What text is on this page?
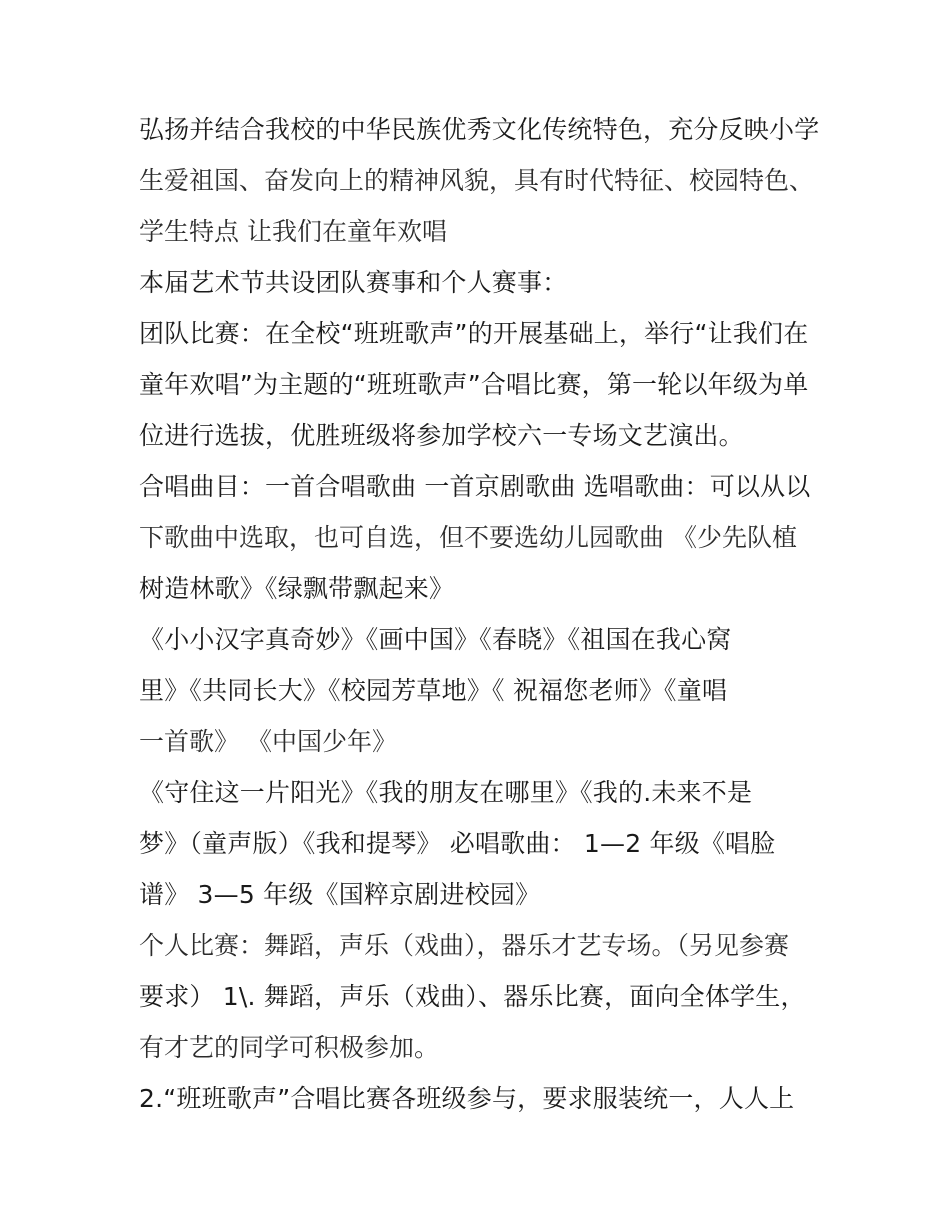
弘扬并结合我校的中华民族优秀文化传统特色，充分反映小学
生爱祖国、奋发向上的精神风貌，具有时代特征、校园特色、
学生特点 让我们在童年欢唱
本届艺术节共设团队赛事和个人赛事：
团队比赛：在全校“班班歌声”的开展基础上，举行“让我们在
童年欢唱”为主题的“班班歌声”合唱比赛，第一轮以年级为单
位进行选拔，优胜班级将参加学校六一专场文艺演出。
合唱曲目：一首合唱歌曲 一首京剧歌曲 选唱歌曲：可以从以
下歌曲中选取，也可自选，但不要选幼儿园歌曲 《少先队植
树造林歌》《绿飘带飘起来》
《小小汉字真奇妙》《画中国》《春晓》《祖国在我心窝
里》《共同长大》《校园芳草地》《 祝福您老师》《童唱
一首歌》 《中国少年》
《守住这一片阳光》《我的朋友在哪里》《我的.未来不是
梦》（童声版）《我和提琴》 必唱歌曲： 1—2 年级《唱脸
谱》 3—5 年级《国粹京剧进校园》
个人比赛：舞蹈，声乐（戏曲），器乐才艺专场。（另见参赛
要求） 1\. 舞蹈，声乐（戏曲）、器乐比赛，面向全体学生，
有才艺的同学可积极参加。
2.“班班歌声”合唱比赛各班级参与，要求服装统一，人人上
